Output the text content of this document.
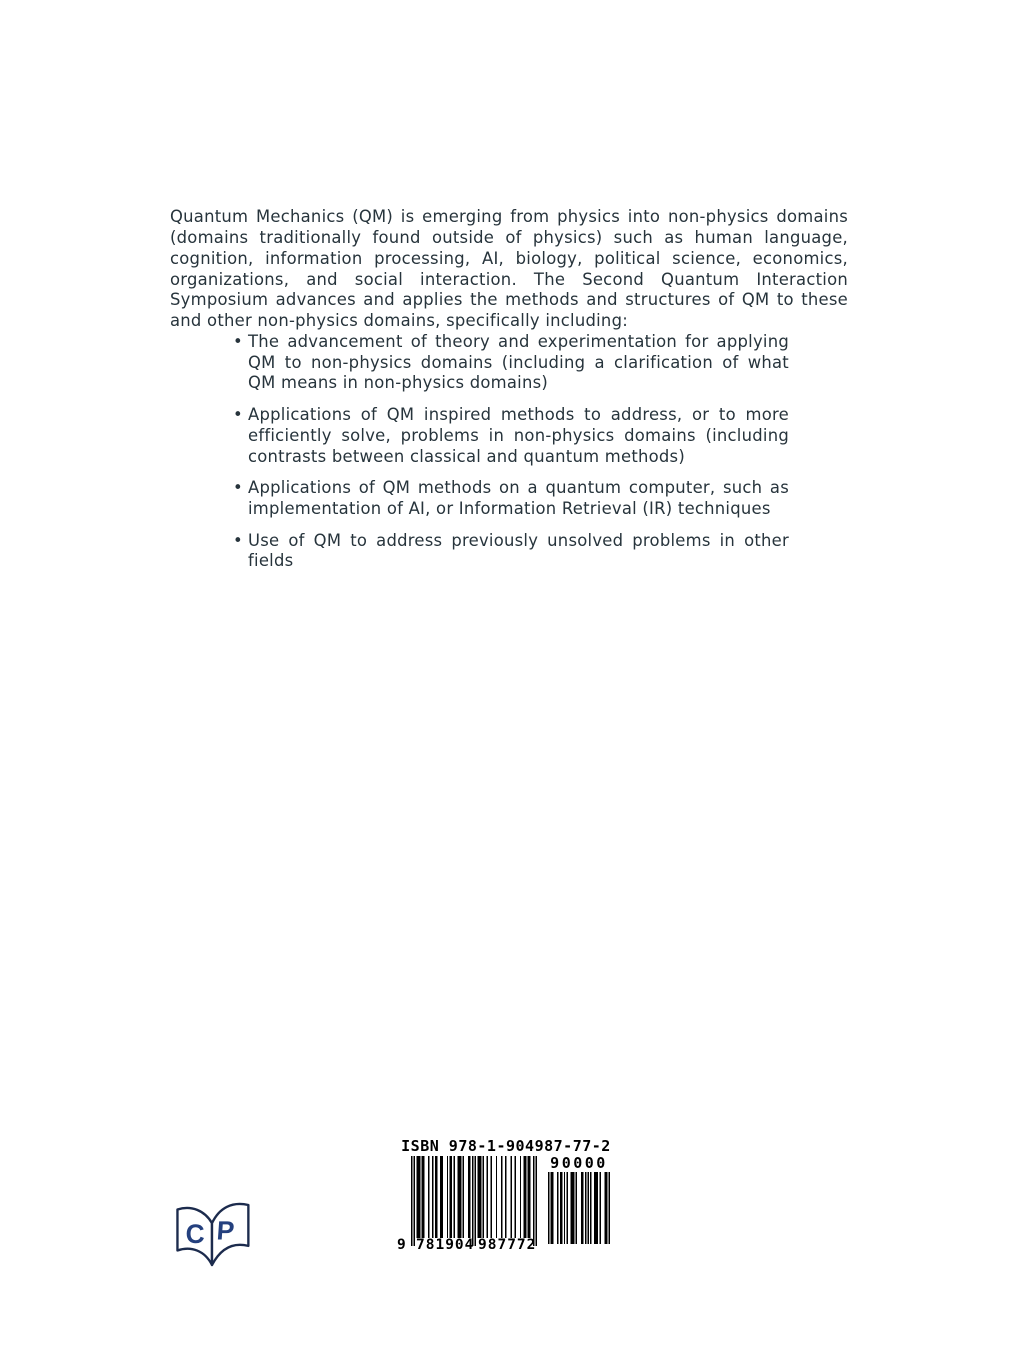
Quantum Mechanics (QM) is emerging from physics into non-physics domains (domains traditionally found outside of physics) such as human language, cognition, information processing, AI, biology, political science, economics, organizations, and social interaction. The Second Quantum Interaction Symposium advances and applies the methods and structures of QM to these and other non-physics domains, specifically including:

• The advancement of theory and experimentation for applying QM to non-physics domains (including a clarification of what QM means in non-physics domains)
• Applications of QM inspired methods to address, or to more efficiently solve, problems in non-physics domains (including contrasts between classical and quantum methods)
• Applications of QM methods on a quantum computer, such as implementation of AI, or Information Retrieval (IR) techniques
• Use of QM to address previously unsolved problems in other fields
ISBN 978-1-904987-77-2
9 781904 987772
90000
C P
